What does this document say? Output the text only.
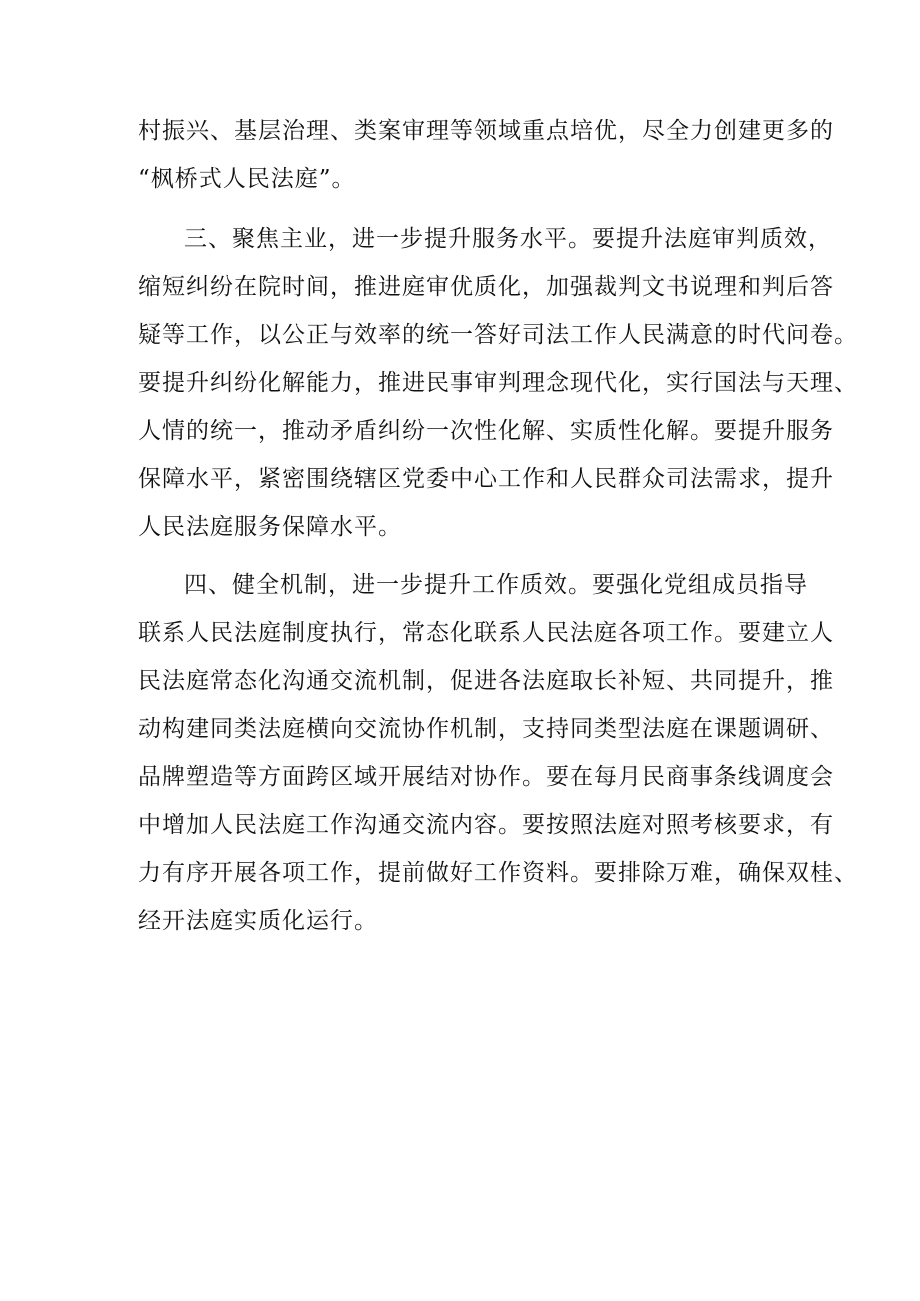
村振兴、基层治理、类案审理等领域重点培优，尽全力创建更多的
“枫桥式人民法庭”。
三、聚焦主业，进一步提升服务水平。要提升法庭审判质效，
缩短纠纷在院时间，推进庭审优质化，加强裁判文书说理和判后答
疑等工作，以公正与效率的统一答好司法工作人民满意的时代问卷。
要提升纠纷化解能力，推进民事审判理念现代化，实行国法与天理、
人情的统一，推动矛盾纠纷一次性化解、实质性化解。要提升服务
保障水平，紧密围绕辖区党委中心工作和人民群众司法需求，提升
人民法庭服务保障水平。
四、健全机制，进一步提升工作质效。要强化党组成员指导
联系人民法庭制度执行，常态化联系人民法庭各项工作。要建立人
民法庭常态化沟通交流机制，促进各法庭取长补短、共同提升，推
动构建同类法庭横向交流协作机制，支持同类型法庭在课题调研、
品牌塑造等方面跨区域开展结对协作。要在每月民商事条线调度会
中增加人民法庭工作沟通交流内容。要按照法庭对照考核要求，有
力有序开展各项工作，提前做好工作资料。要排除万难，确保双桂、
经开法庭实质化运行。
